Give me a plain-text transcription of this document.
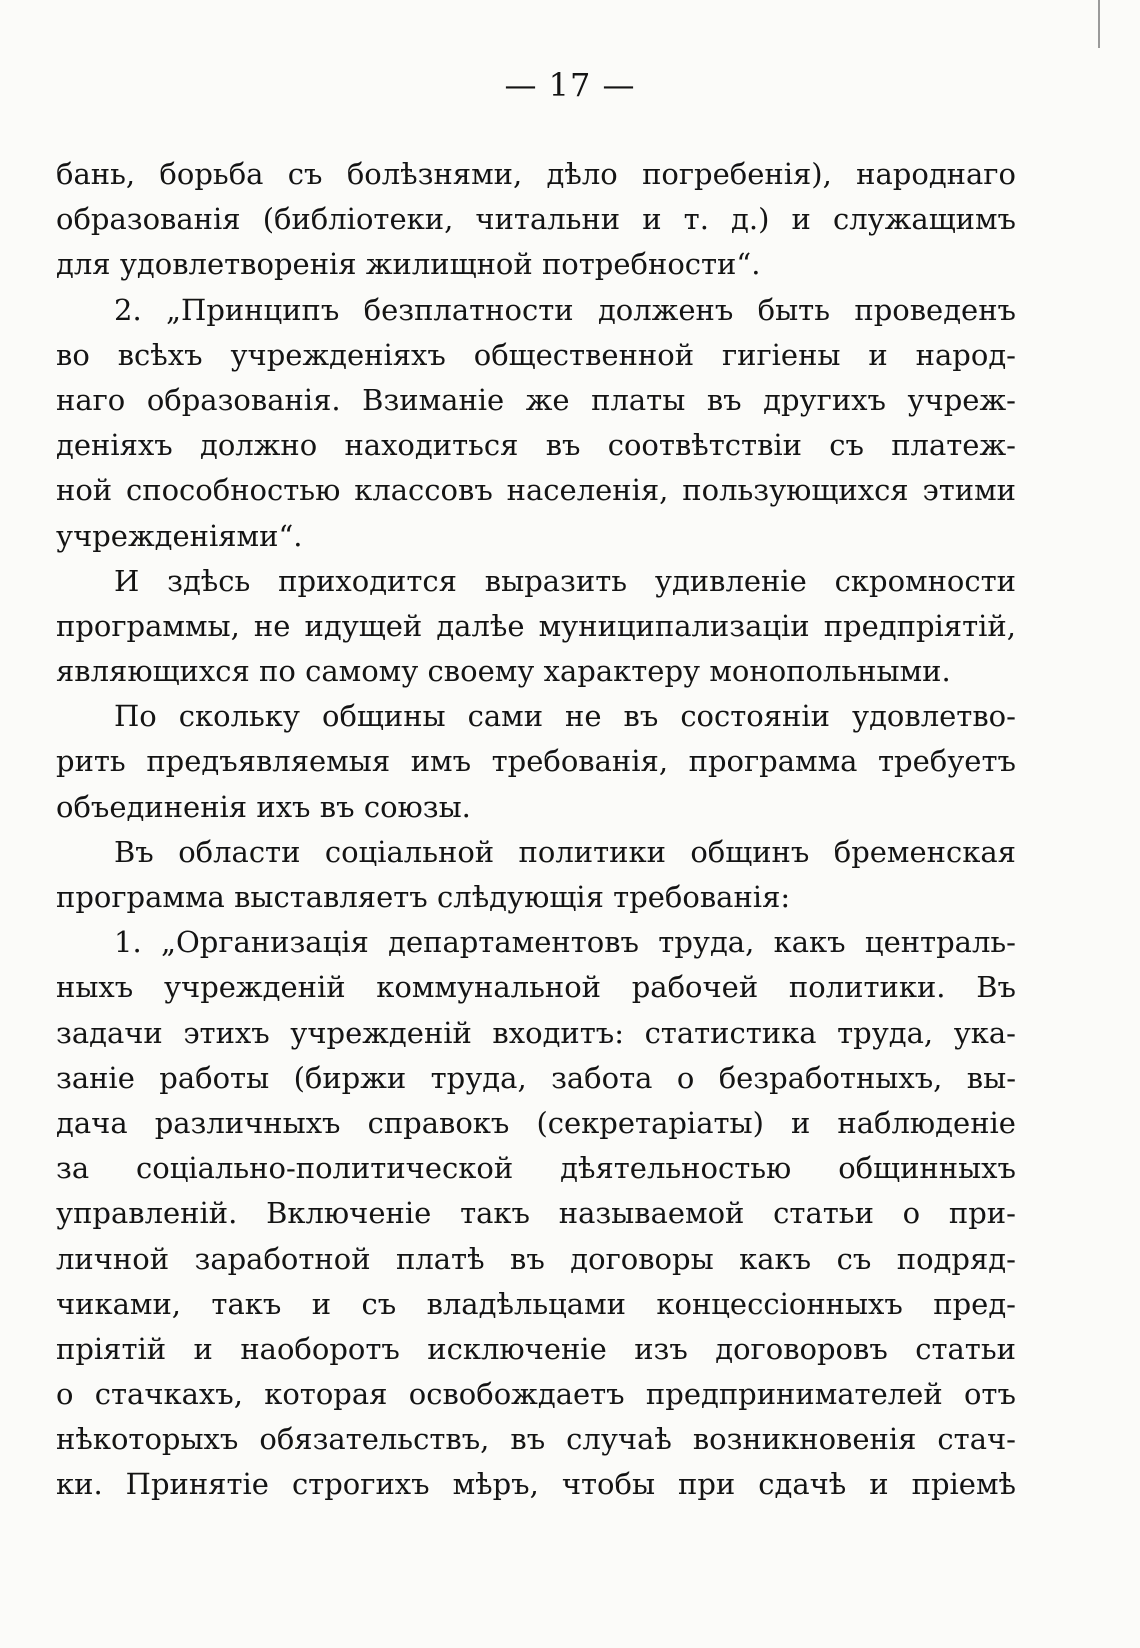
— 17 —
бань, борьба съ болѣзнями, дѣло погребенія), народнаго
образованія (библіотеки, читальни и т. д.) и служащимъ
для удовлетворенія жилищной потребности“.
2. „Принципъ безплатности долженъ быть проведенъ
во всѣхъ учрежденіяхъ общественной гигіены и народ-
наго образованія. Взиманіе же платы въ другихъ учреж-
деніяхъ должно находиться въ соотвѣтствіи съ платеж-
ной способностью классовъ населенія, пользующихся этими
учрежденіями“.
И здѣсь приходится выразить удивленіе скромности
программы, не идущей далѣе муниципализаціи предпріятій,
являющихся по самому своему характеру монопольными.
По скольку общины сами не въ состояніи удовлетво-
рить предъявляемыя имъ требованія, программа требуетъ
объединенія ихъ въ союзы.
Въ области соціальной политики общинъ бременская
программа выставляетъ слѣдующія требованія:
1. „Организація департаментовъ труда, какъ централь-
ныхъ учрежденій коммунальной рабочей политики. Въ
задачи этихъ учрежденій входитъ: статистика труда, ука-
заніе работы (биржи труда, забота о безработныхъ, вы-
дача различныхъ справокъ (секретаріаты) и наблюденіе
за соціально-политической дѣятельностью общинныхъ
управленій. Включеніе такъ называемой статьи о при-
личной заработной платѣ въ договоры какъ съ подряд-
чиками, такъ и съ владѣльцами концессіонныхъ пред-
пріятій и наоборотъ исключеніе изъ договоровъ статьи
о стачкахъ, которая освобождаетъ предпринимателей отъ
нѣкоторыхъ обязательствъ, въ случаѣ возникновенія стач-
ки. Принятіе строгихъ мѣръ, чтобы при сдачѣ и пріемѣ
